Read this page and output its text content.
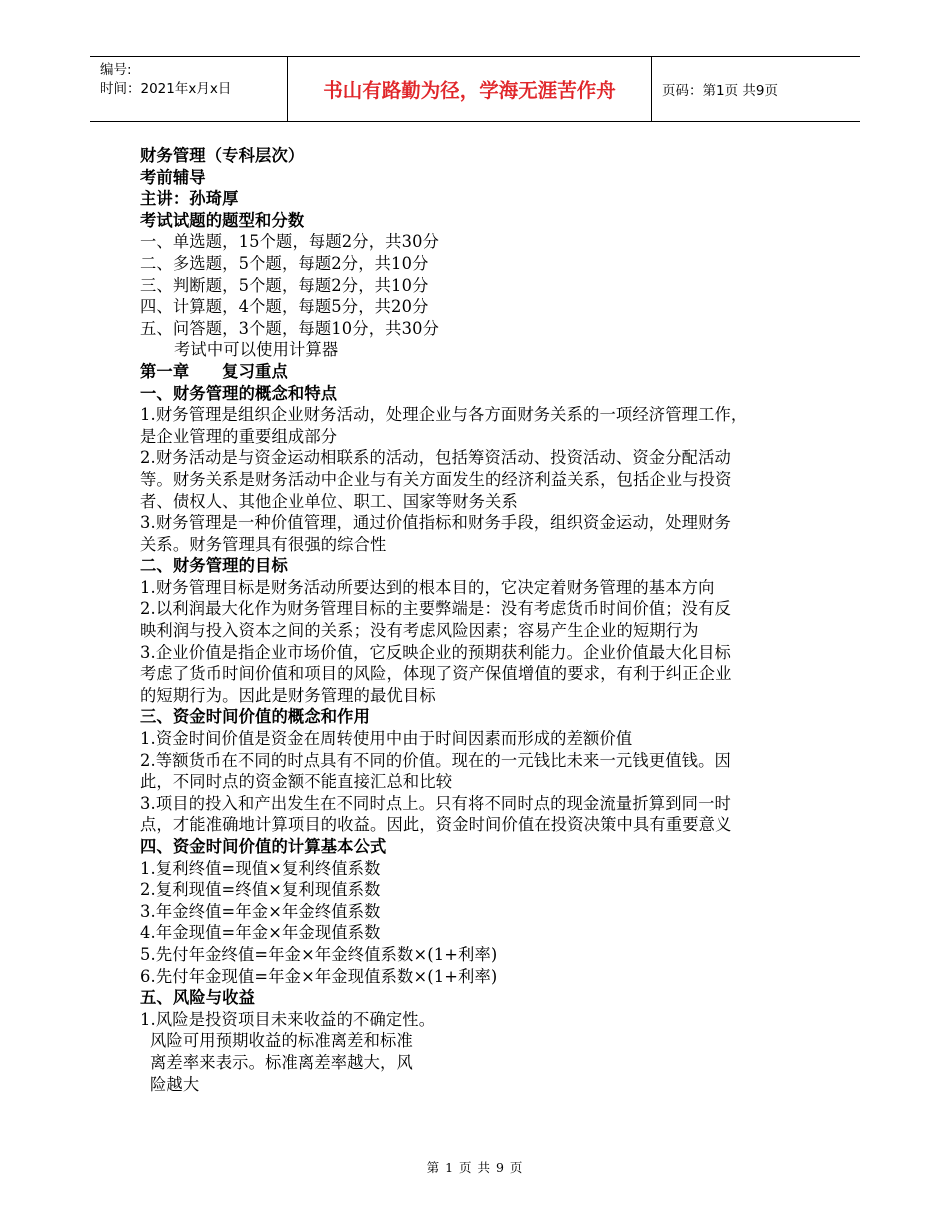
编号:
时间：2021年x月x日	书山有路勤为径，学海无涯苦作舟	页码：第1页 共9页
财务管理（专科层次）
考前辅导
主讲：孙琦厚
考试试题的题型和分数
一、单选题，15个题，每题2分，共30分
二、多选题，5个题，每题2分，共10分
三、判断题，5个题，每题2分，共10分
四、计算题，4个题，每题5分，共20分
五、问答题，3个题，每题10分，共30分
考试中可以使用计算器
第一章　　复习重点
一、财务管理的概念和特点
1.财务管理是组织企业财务活动，处理企业与各方面财务关系的一项经济管理工作，
是企业管理的重要组成部分
2.财务活动是与资金运动相联系的活动，包括筹资活动、投资活动、资金分配活动
等。财务关系是财务活动中企业与有关方面发生的经济利益关系，包括企业与投资
者、债权人、其他企业单位、职工、国家等财务关系
3.财务管理是一种价值管理，通过价值指标和财务手段，组织资金运动，处理财务
关系。财务管理具有很强的综合性
二、财务管理的目标
1.财务管理目标是财务活动所要达到的根本目的，它决定着财务管理的基本方向
2.以利润最大化作为财务管理目标的主要弊端是：没有考虑货币时间价值；没有反
映利润与投入资本之间的关系；没有考虑风险因素；容易产生企业的短期行为
3.企业价值是指企业市场价值，它反映企业的预期获利能力。企业价值最大化目标
考虑了货币时间价值和项目的风险，体现了资产保值增值的要求，有利于纠正企业
的短期行为。因此是财务管理的最优目标
三、资金时间价值的概念和作用
1.资金时间价值是资金在周转使用中由于时间因素而形成的差额价值
2.等额货币在不同的时点具有不同的价值。现在的一元钱比未来一元钱更值钱。因
此，不同时点的资金额不能直接汇总和比较
3.项目的投入和产出发生在不同时点上。只有将不同时点的现金流量折算到同一时
点，才能准确地计算项目的收益。因此，资金时间价值在投资决策中具有重要意义
四、资金时间价值的计算基本公式
1.复利终值=现值×复利终值系数
2.复利现值=终值×复利现值系数
3.年金终值=年金×年金终值系数
4.年金现值=年金×年金现值系数
5.先付年金终值=年金×年金终值系数×(1+利率)
6.先付年金现值=年金×年金现值系数×(1+利率)
五、风险与收益
1.风险是投资项目未来收益的不确定性。
风险可用预期收益的标准离差和标准
离差率来表示。标准离差率越大，风
险越大
第 1 页 共 9 页
